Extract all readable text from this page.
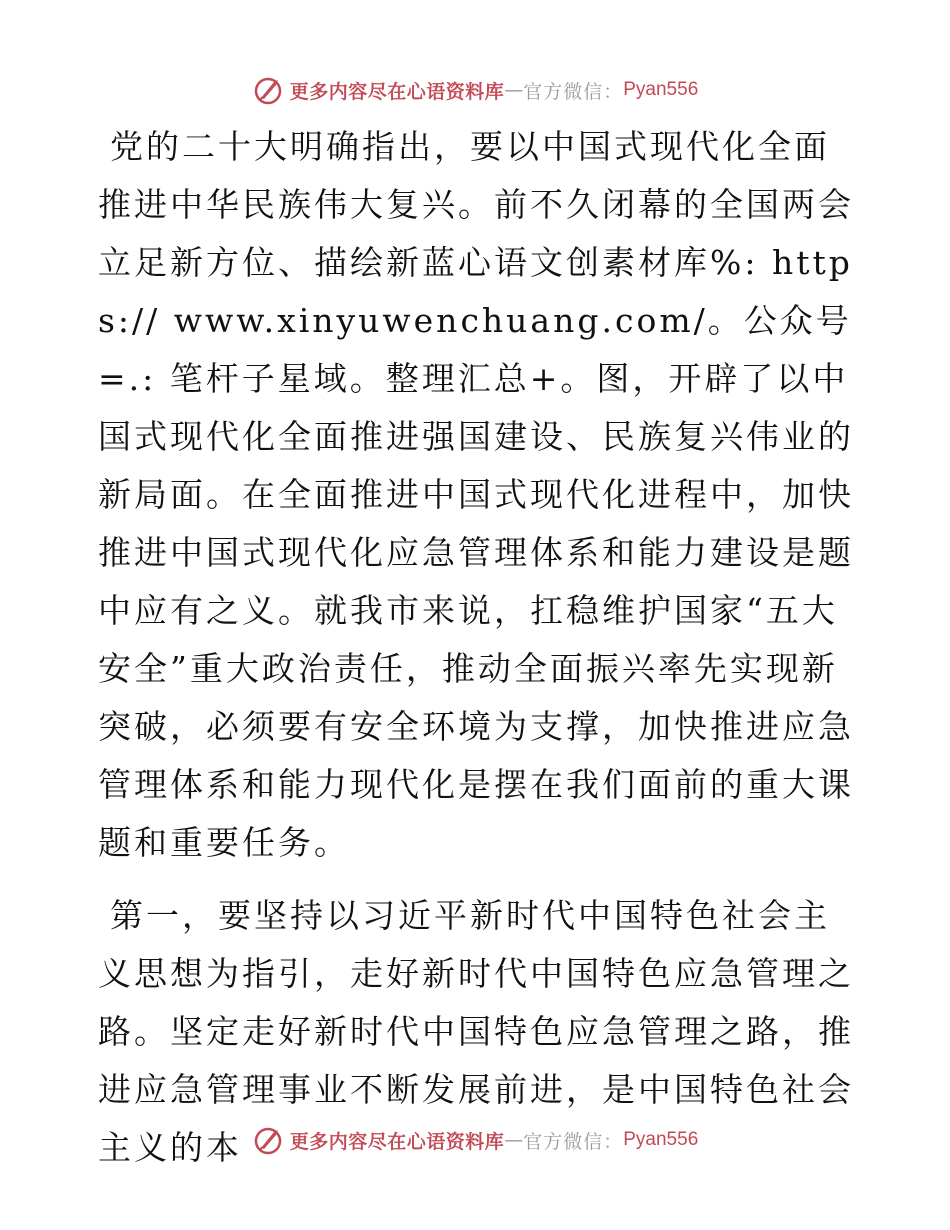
更多内容尽在心语资料库 — 官方微信： Pyan556

党的二十大明确指出，要以中国式现代化全面推进中华民族伟大复兴。前不久闭幕的全国两会立足新方位、描绘新蓝心语文创素材库%: https:// www.xinyuwenchuang.com/。公众号=.: 笔杆子星域。整理汇总+。图，开辟了以中国式现代化全面推进强国建设、民族复兴伟业的新局面。在全面推进中国式现代化进程中，加快推进中国式现代化应急管理体系和能力建设是题中应有之义。就我市来说，扛稳维护国家“五大安全”重大政治责任，推动全面振兴率先实现新突破，必须要有安全环境为支撑，加快推进应急管理体系和能力现代化是摆在我们面前的重大课题和重要任务。

第一，要坚持以习近平新时代中国特色社会主义思想为指引，走好新时代中国特色应急管理之路。坚定走好新时代中国特色应急管理之路，推进应急管理事业不断发展前进，是中国特色社会主义的本	更多内容尽在心语资料库 — 官方微信： Pyan556
